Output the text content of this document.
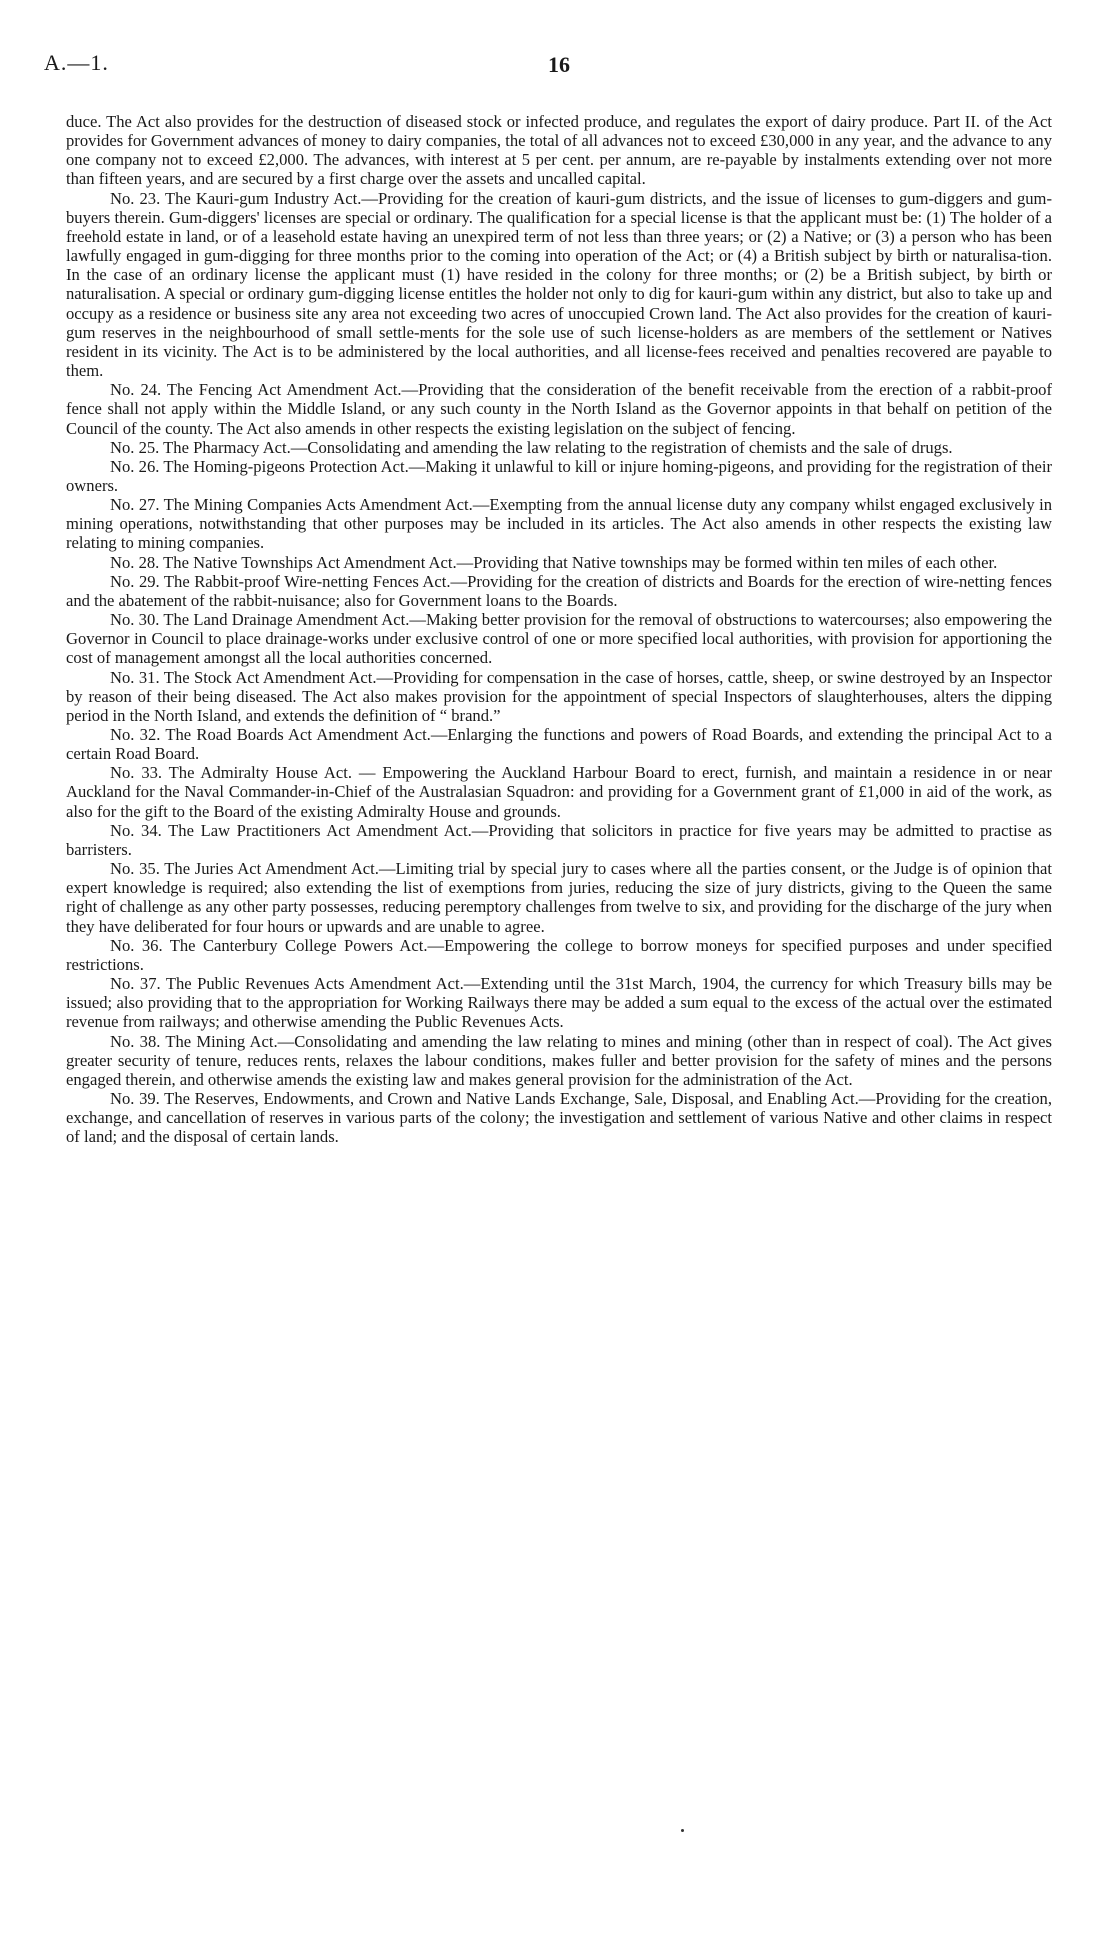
A.—1.	16

duce. The Act also provides for the destruction of diseased stock or infected produce, and regulates the export of dairy produce. Part II. of the Act provides for Government advances of money to dairy companies, the total of all advances not to exceed £30,000 in any year, and the advance to any one company not to exceed £2,000. The advances, with interest at 5 per cent. per annum, are re-payable by instalments extending over not more than fifteen years, and are secured by a first charge over the assets and uncalled capital.

No. 23. The Kauri-gum Industry Act.—Providing for the creation of kauri-gum districts, and the issue of licenses to gum-diggers and gum-buyers therein. Gum-diggers' licenses are special or ordinary. The qualification for a special license is that the applicant must be: (1) The holder of a freehold estate in land, or of a leasehold estate having an unexpired term of not less than three years; or (2) a Native; or (3) a person who has been lawfully engaged in gum-digging for three months prior to the coming into operation of the Act; or (4) a British subject by birth or naturalisa-tion. In the case of an ordinary license the applicant must (1) have resided in the colony for three months; or (2) be a British subject, by birth or naturalisation. A special or ordinary gum-digging license entitles the holder not only to dig for kauri-gum within any district, but also to take up and occupy as a residence or business site any area not exceeding two acres of unoccupied Crown land. The Act also provides for the creation of kauri-gum reserves in the neighbourhood of small settle-ments for the sole use of such license-holders as are members of the settlement or Natives resident in its vicinity. The Act is to be administered by the local authorities, and all license-fees received and penalties recovered are payable to them.

No. 24. The Fencing Act Amendment Act.—Providing that the consideration of the benefit receivable from the erection of a rabbit-proof fence shall not apply within the Middle Island, or any such county in the North Island as the Governor appoints in that behalf on petition of the Council of the county. The Act also amends in other respects the existing legislation on the subject of fencing.

No. 25. The Pharmacy Act.—Consolidating and amending the law relating to the registration of chemists and the sale of drugs.

No. 26. The Homing-pigeons Protection Act.—Making it unlawful to kill or injure homing-pigeons, and providing for the registration of their owners.

No. 27. The Mining Companies Acts Amendment Act.—Exempting from the annual license duty any company whilst engaged exclusively in mining operations, notwithstanding that other purposes may be included in its articles. The Act also amends in other respects the existing law relating to mining companies.

No. 28. The Native Townships Act Amendment Act.—Providing that Native townships may be formed within ten miles of each other.

No. 29. The Rabbit-proof Wire-netting Fences Act.—Providing for the creation of districts and Boards for the erection of wire-netting fences and the abatement of the rabbit-nuisance; also for Government loans to the Boards.

No. 30. The Land Drainage Amendment Act.—Making better provision for the removal of obstructions to watercourses; also empowering the Governor in Council to place drainage-works under exclusive control of one or more specified local authorities, with provision for apportioning the cost of management amongst all the local authorities concerned.

No. 31. The Stock Act Amendment Act.—Providing for compensation in the case of horses, cattle, sheep, or swine destroyed by an Inspector by reason of their being diseased. The Act also makes provision for the appointment of special Inspectors of slaughterhouses, alters the dipping period in the North Island, and extends the definition of “ brand.”

No. 32. The Road Boards Act Amendment Act.—Enlarging the functions and powers of Road Boards, and extending the principal Act to a certain Road Board.

No. 33. The Admiralty House Act. — Empowering the Auckland Harbour Board to erect, furnish, and maintain a residence in or near Auckland for the Naval Commander-in-Chief of the Australasian Squadron: and providing for a Government grant of £1,000 in aid of the work, as also for the gift to the Board of the existing Admiralty House and grounds.

No. 34. The Law Practitioners Act Amendment Act.—Providing that solicitors in practice for five years may be admitted to practise as barristers.

No. 35. The Juries Act Amendment Act.—Limiting trial by special jury to cases where all the parties consent, or the Judge is of opinion that expert knowledge is required; also extending the list of exemptions from juries, reducing the size of jury districts, giving to the Queen the same right of challenge as any other party possesses, reducing peremptory challenges from twelve to six, and providing for the discharge of the jury when they have deliberated for four hours or upwards and are unable to agree.

No. 36. The Canterbury College Powers Act.—Empowering the college to borrow moneys for specified purposes and under specified restrictions.

No. 37. The Public Revenues Acts Amendment Act.—Extending until the 31st March, 1904, the currency for which Treasury bills may be issued; also providing that to the appropriation for Working Railways there may be added a sum equal to the excess of the actual over the estimated revenue from railways; and otherwise amending the Public Revenues Acts.

No. 38. The Mining Act.—Consolidating and amending the law relating to mines and mining (other than in respect of coal). The Act gives greater security of tenure, reduces rents, relaxes the labour conditions, makes fuller and better provision for the safety of mines and the persons engaged therein, and otherwise amends the existing law and makes general provision for the administration of the Act.

No. 39. The Reserves, Endowments, and Crown and Native Lands Exchange, Sale, Disposal, and Enabling Act.—Providing for the creation, exchange, and cancellation of reserves in various parts of the colony; the investigation and settlement of various Native and other claims in respect of land; and the disposal of certain lands.
